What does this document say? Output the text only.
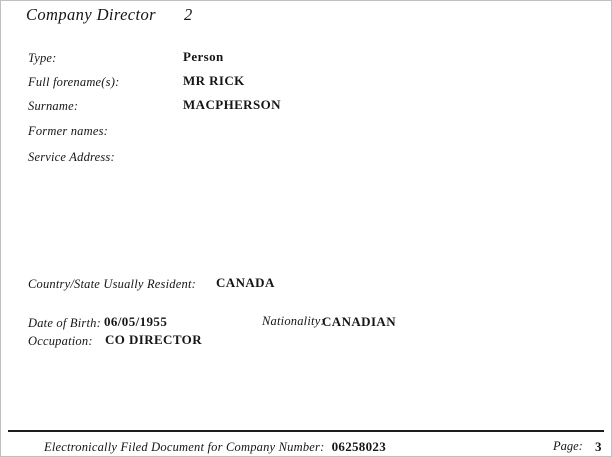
Company Director 2
Type:	Person
Full forename(s):	MR RICK
Surname:	MACPHERSON
Former names:
Service Address:
Country/State Usually Resident: CANADA
Date of Birth: 06/05/1955	Nationality:
CANADIAN
Occupation: CO DIRECTOR
Electronically Filed Document for Company Number: 06258023	Page: 3
